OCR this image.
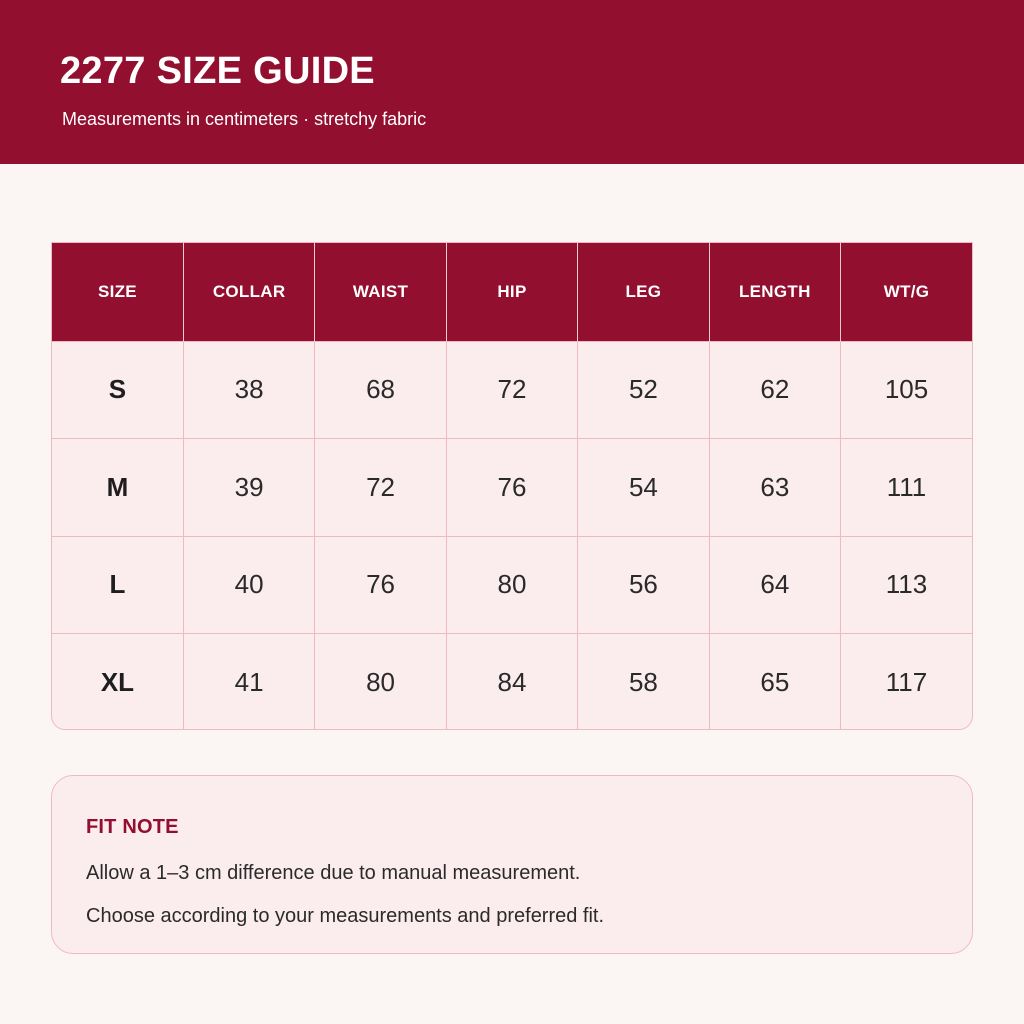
2277 SIZE GUIDE
Measurements in centimeters · stretchy fabric
SIZE	COLLAR	WAIST	HIP	LEG	LENGTH	WT/G
S	38	68	72	52	62	105
M	39	72	76	54	63	111
L	40	76	80	56	64	113
XL	41	80	84	58	65	117
FIT NOTE
Allow a 1–3 cm difference due to manual measurement.
Choose according to your measurements and preferred fit.
